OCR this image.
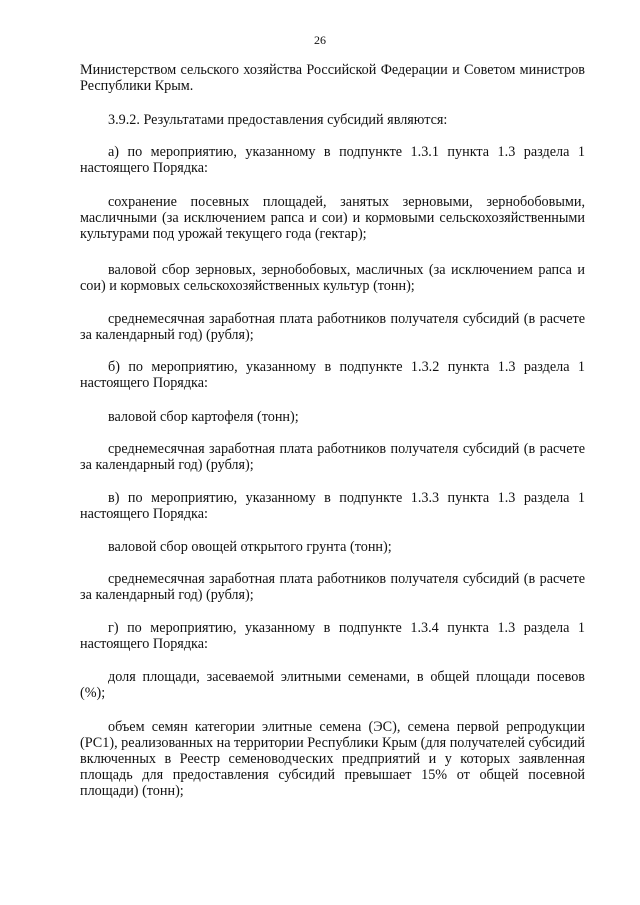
26

Министерством сельского хозяйства Российской Федерации и Советом министров Республики Крым.

3.9.2. Результатами предоставления субсидий являются:

а) по мероприятию, указанному в подпункте 1.3.1 пункта 1.3 раздела 1 настоящего Порядка:

сохранение посевных площадей, занятых зерновыми, зернобобовыми, масличными (за исключением рапса и сои) и кормовыми сельскохозяйственными культурами под урожай текущего года (гектар);

валовой сбор зерновых, зернобобовых, масличных (за исключением рапса и сои) и кормовых сельскохозяйственных культур (тонн);

среднемесячная заработная плата работников получателя субсидий (в расчете за календарный год) (рубля);

б) по мероприятию, указанному в подпункте 1.3.2 пункта 1.3 раздела 1 настоящего Порядка:

валовой сбор картофеля (тонн);

среднемесячная заработная плата работников получателя субсидий (в расчете за календарный год) (рубля);

в) по мероприятию, указанному в подпункте 1.3.3 пункта 1.3 раздела 1 настоящего Порядка:

валовой сбор овощей открытого грунта (тонн);

среднемесячная заработная плата работников получателя субсидий (в расчете за календарный год) (рубля);

г) по мероприятию, указанному в подпункте 1.3.4 пункта 1.3 раздела 1 настоящего Порядка:

доля площади, засеваемой элитными семенами, в общей площади посевов (%);

объем семян категории элитные семена (ЭС), семена первой репродукции (РС1), реализованных на территории Республики Крым (для получателей субсидий включенных в Реестр семеноводческих предприятий и у которых заявленная площадь для предоставления субсидий превышает 15% от общей посевной площади) (тонн);
